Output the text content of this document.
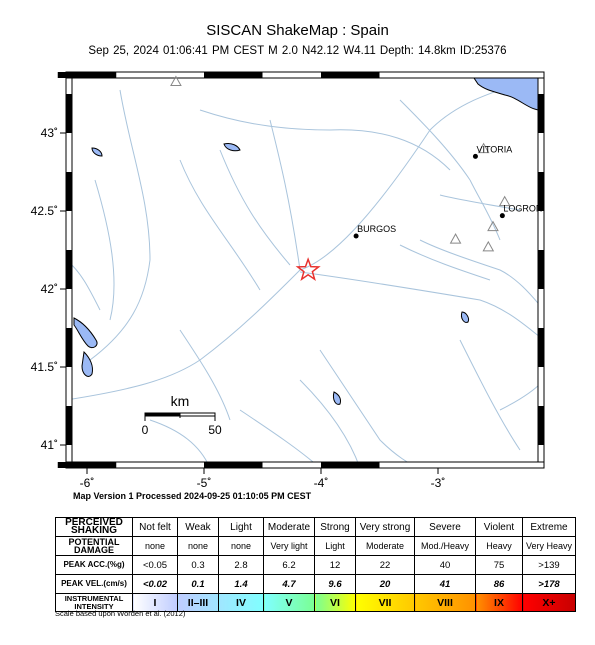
SISCAN ShakeMap : Spain
Sep 25, 2024 01:06:41 PM CEST M 2.0 N42.12 W4.11 Depth: 14.8km ID:25376
43˚
42.5˚
42˚
41.5˚
41˚
-6˚	-5˚	-4˚	-3˚
VITORIA
LOGRON
BURGOS
km
0	50
Map Version 1 Processed 2024-09-25 01:10:05 PM CEST
PERCEIVED SHAKING	Not felt	Weak	Light	Moderate	Strong	Very strong	Severe	Violent	Extreme
POTENTIAL DAMAGE	none	none	none	Very light	Light	Moderate	Mod./Heavy	Heavy	Very Heavy
PEAK ACC.(%g)	<0.05	0.3	2.8	6.2	12	22	40	75	>139
PEAK VEL.(cm/s)	<0.02	0.1	1.4	4.7	9.6	20	41	86	>178
INSTRUMENTAL INTENSITY	I	II–III	IV	V	VI	VII	VIII	IX	X+
Scale based upon Worden et al. (2012)
